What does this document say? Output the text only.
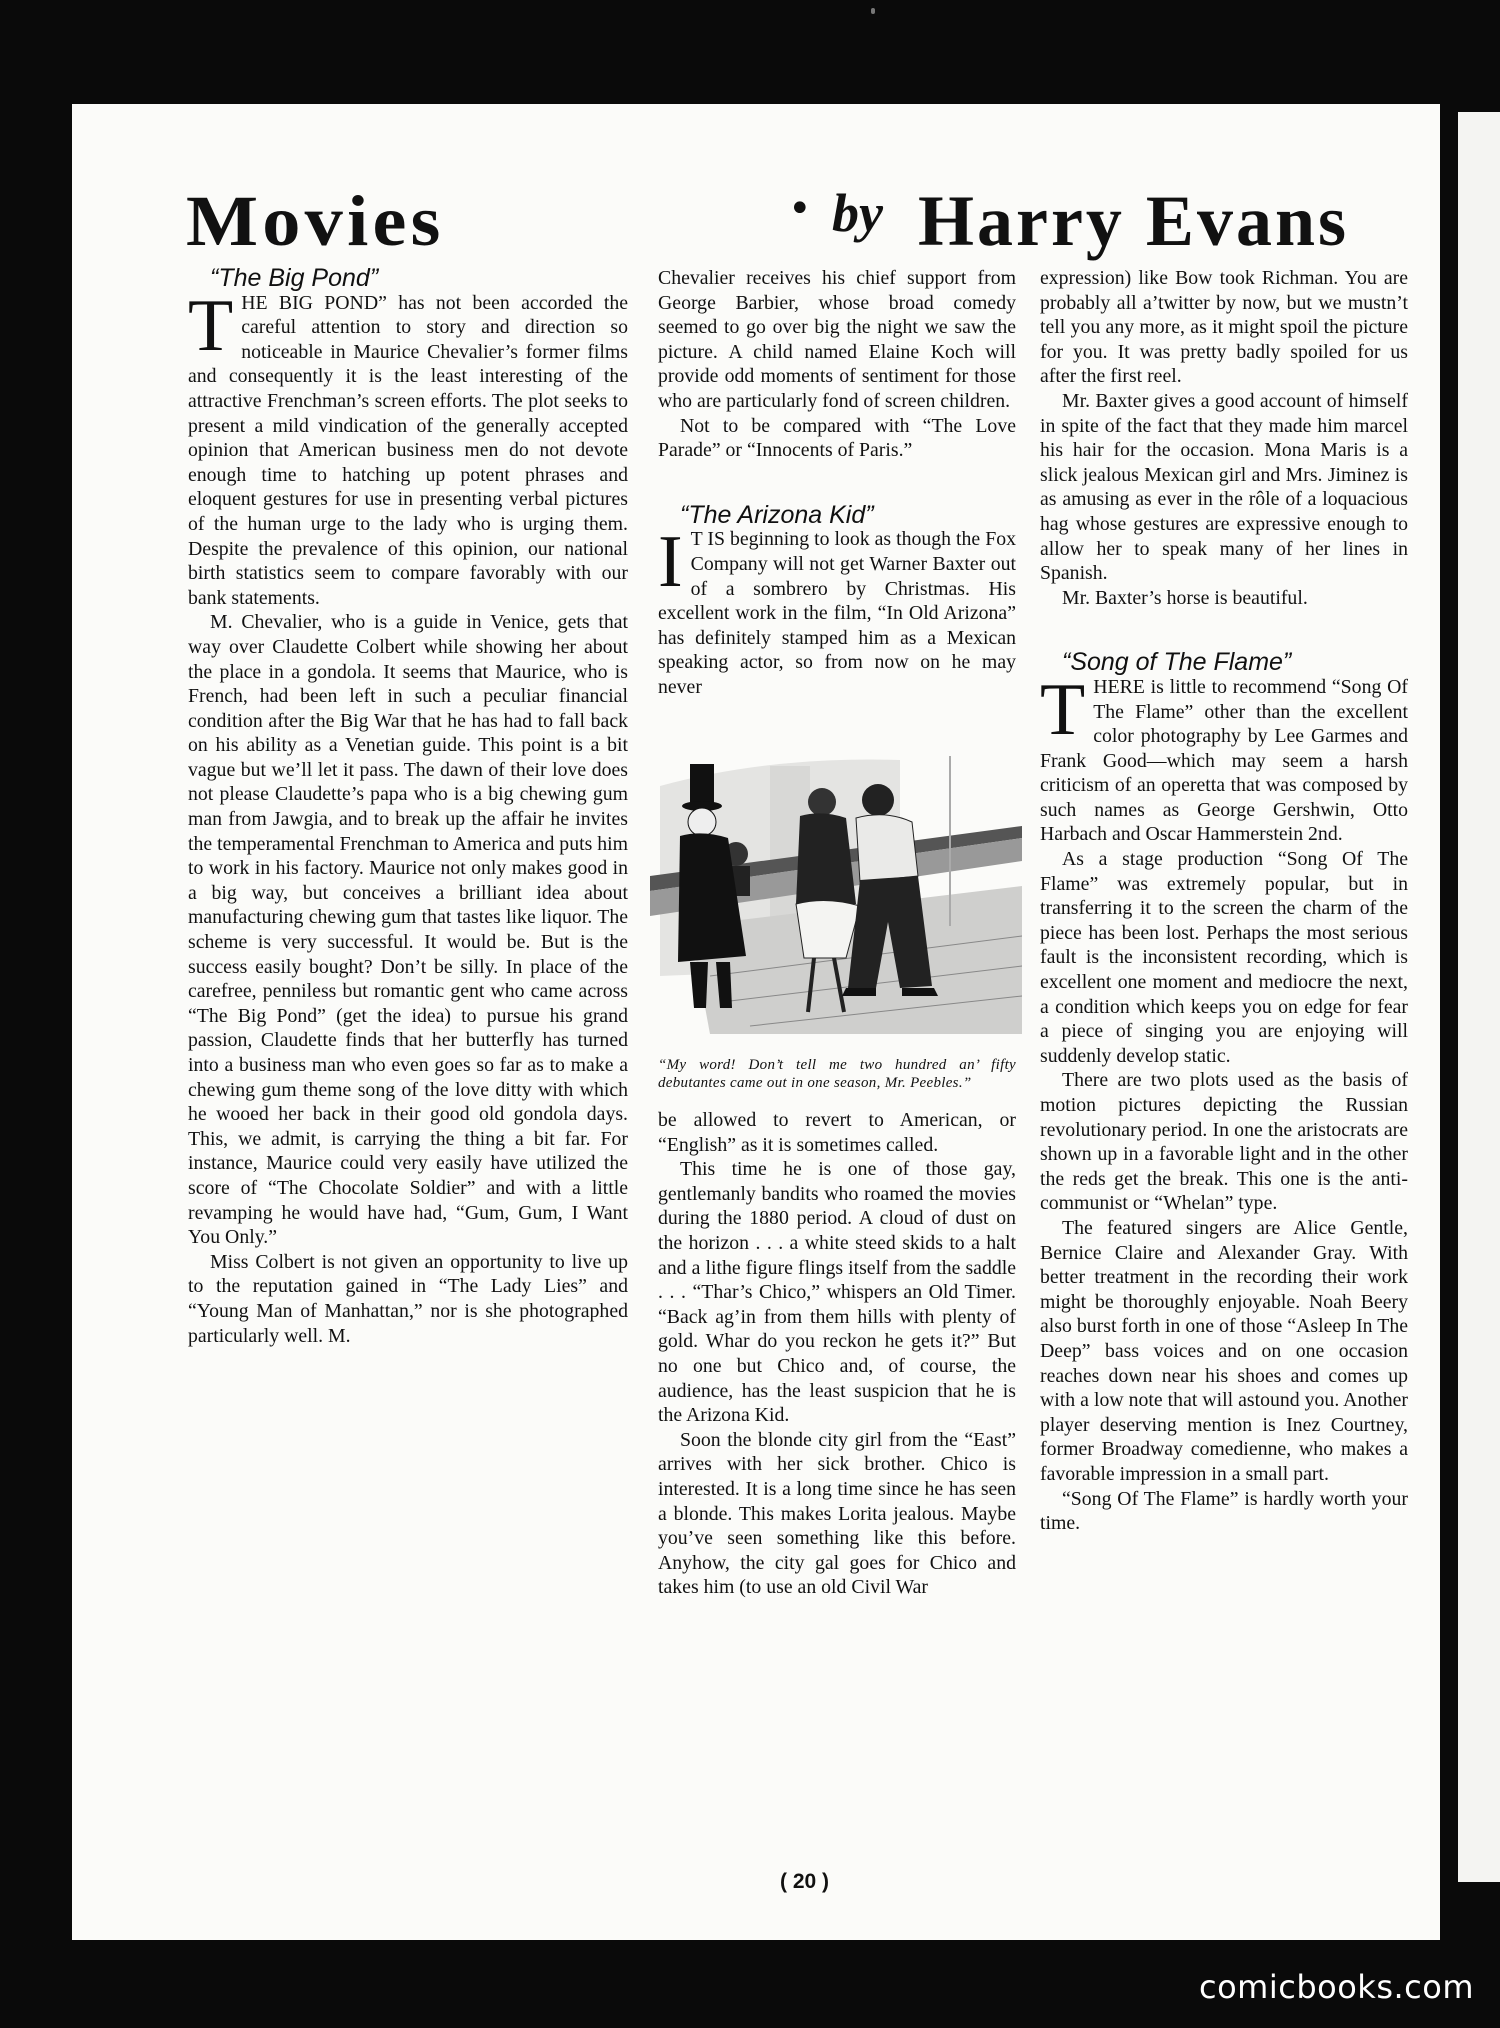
Movies	• by Harry Evans

“The Big Pond”

THE BIG POND” has not been accorded the careful attention to story and direction so noticeable in Maurice Chevalier’s former films and consequently it is the least interesting of the attractive Frenchman’s screen efforts. The plot seeks to present a mild vindication of the generally accepted opinion that American business men do not devote enough time to hatching up potent phrases and eloquent gestures for use in presenting verbal pictures of the human urge to the lady who is urging them. Despite the prevalence of this opinion, our national birth statistics seem to compare favorably with our bank statements.

M. Chevalier, who is a guide in Venice, gets that way over Claudette Colbert while showing her about the place in a gondola. It seems that Maurice, who is French, had been left in such a peculiar financial condition after the Big War that he has had to fall back on his ability as a Venetian guide. This point is a bit vague but we’ll let it pass. The dawn of their love does not please Claudette’s papa who is a big chewing gum man from Jawgia, and to break up the affair he invites the temperamental Frenchman to America and puts him to work in his factory. Maurice not only makes good in a big way, but conceives a brilliant idea about manufacturing chewing gum that tastes like liquor. The scheme is very successful. It would be. But is the success easily bought? Don’t be silly. In place of the carefree, penniless but romantic gent who came across “The Big Pond” (get the idea) to pursue his grand passion, Claudette finds that her butterfly has turned into a business man who even goes so far as to make a chewing gum theme song of the love ditty with which he wooed her back in their good old gondola days. This, we admit, is carrying the thing a bit far. For instance, Maurice could very easily have utilized the score of “The Chocolate Soldier” and with a little revamping he would have had, “Gum, Gum, I Want You Only.”

Miss Colbert is not given an opportunity to live up to the reputation gained in “The Lady Lies” and “Young Man of Manhattan,” nor is she photographed particularly well. M.

Chevalier receives his chief support from George Barbier, whose broad comedy seemed to go over big the night we saw the picture. A child named Elaine Koch will provide odd moments of sentiment for those who are particularly fond of screen children.

Not to be compared with “The Love Parade” or “Innocents of Paris.”

“The Arizona Kid”

I T IS beginning to look as though the Fox Company will not get Warner Baxter out of a sombrero by Christmas. His excellent work in the film, “In Old Arizona” has definitely stamped him as a Mexican speaking actor, so from now on he may never

“My word! Don’t tell me two hundred an’ fifty debutantes came out in one season, Mr. Peebles.”

be allowed to revert to American, or “English” as it is sometimes called.

This time he is one of those gay, gentlemanly bandits who roamed the movies during the 1880 period. A cloud of dust on the horizon . . . a white steed skids to a halt and a lithe figure flings itself from the saddle . . . “Thar’s Chico,” whispers an Old Timer. “Back ag’in from them hills with plenty of gold. Whar do you reckon he gets it?” But no one but Chico and, of course, the audience, has the least suspicion that he is the Arizona Kid.

Soon the blonde city girl from the “East” arrives with her sick brother. Chico is interested. It is a long time since he has seen a blonde. This makes Lorita jealous. Maybe you’ve seen something like this before. Anyhow, the city gal goes for Chico and takes him (to use an old Civil War

expression) like Bow took Richman. You are probably all a’twitter by now, but we mustn’t tell you any more, as it might spoil the picture for you. It was pretty badly spoiled for us after the first reel.

Mr. Baxter gives a good account of himself in spite of the fact that they made him marcel his hair for the occasion. Mona Maris is a slick jealous Mexican girl and Mrs. Jiminez is as amusing as ever in the rôle of a loquacious hag whose gestures are expressive enough to allow her to speak many of her lines in Spanish.

Mr. Baxter’s horse is beautiful.

“Song of The Flame”

THERE is little to recommend “Song Of The Flame” other than the excellent color photography by Lee Garmes and Frank Good—which may seem a harsh criticism of an operetta that was composed by such names as George Gershwin, Otto Harbach and Oscar Hammerstein 2nd.

As a stage production “Song Of The Flame” was extremely popular, but in transferring it to the screen the charm of the piece has been lost. Perhaps the most serious fault is the inconsistent recording, which is excellent one moment and mediocre the next, a condition which keeps you on edge for fear a piece of singing you are enjoying will suddenly develop static.

There are two plots used as the basis of motion pictures depicting the Russian revolutionary period. In one the aristocrats are shown up in a favorable light and in the other the reds get the break. This one is the anti-communist or “Whelan” type.

The featured singers are Alice Gentle, Bernice Claire and Alexander Gray. With better treatment in the recording their work might be thoroughly enjoyable. Noah Beery also burst forth in one of those “Asleep In The Deep” bass voices and on one occasion reaches down near his shoes and comes up with a low note that will astound you. Another player deserving mention is Inez Courtney, former Broadway comedienne, who makes a favorable impression in a small part.

“Song Of The Flame” is hardly worth your time.

( 20 )
comicbooks.com
